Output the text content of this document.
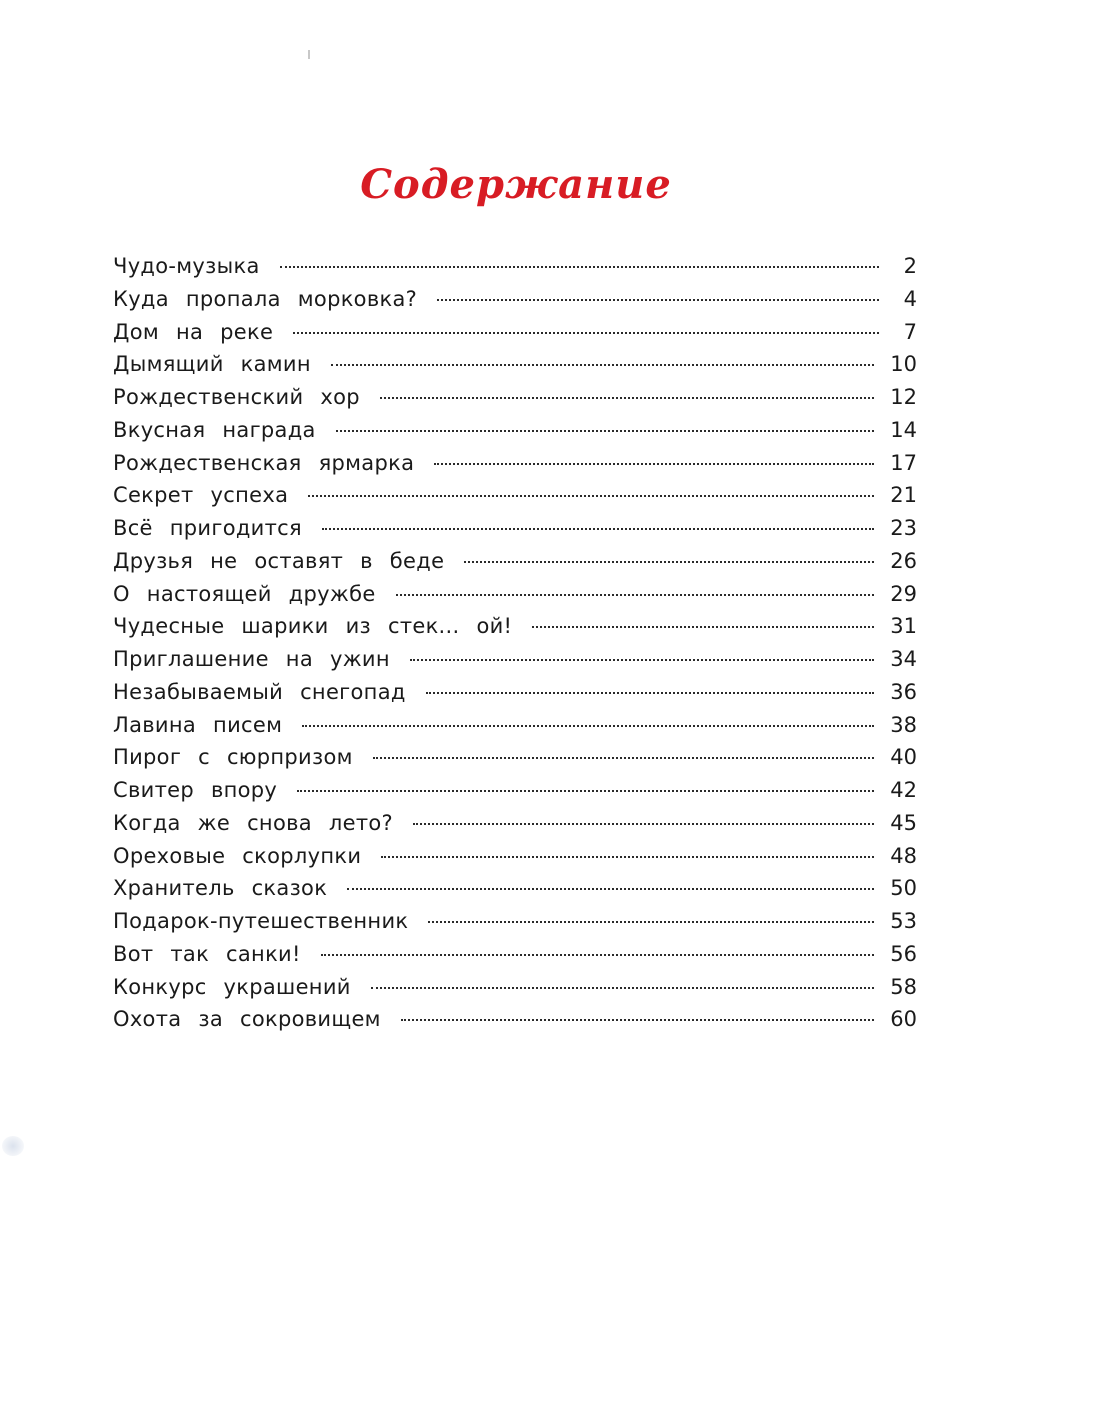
Содержание
Чудо-музыка	2
Куда пропала морковка?	4
Дом на реке	7
Дымящий камин	10
Рождественский хор	12
Вкусная награда	14
Рождественская ярмарка	17
Секрет успеха	21
Всё пригодится	23
Друзья не оставят в беде	26
О настоящей дружбе	29
Чудесные шарики из стек... ой!	31
Приглашение на ужин	34
Незабываемый снегопад	36
Лавина писем	38
Пирог с сюрпризом	40
Свитер впору	42
Когда же снова лето?	45
Ореховые скорлупки	48
Хранитель сказок	50
Подарок-путешественник	53
Вот так санки!	56
Конкурс украшений	58
Охота за сокровищем	60
